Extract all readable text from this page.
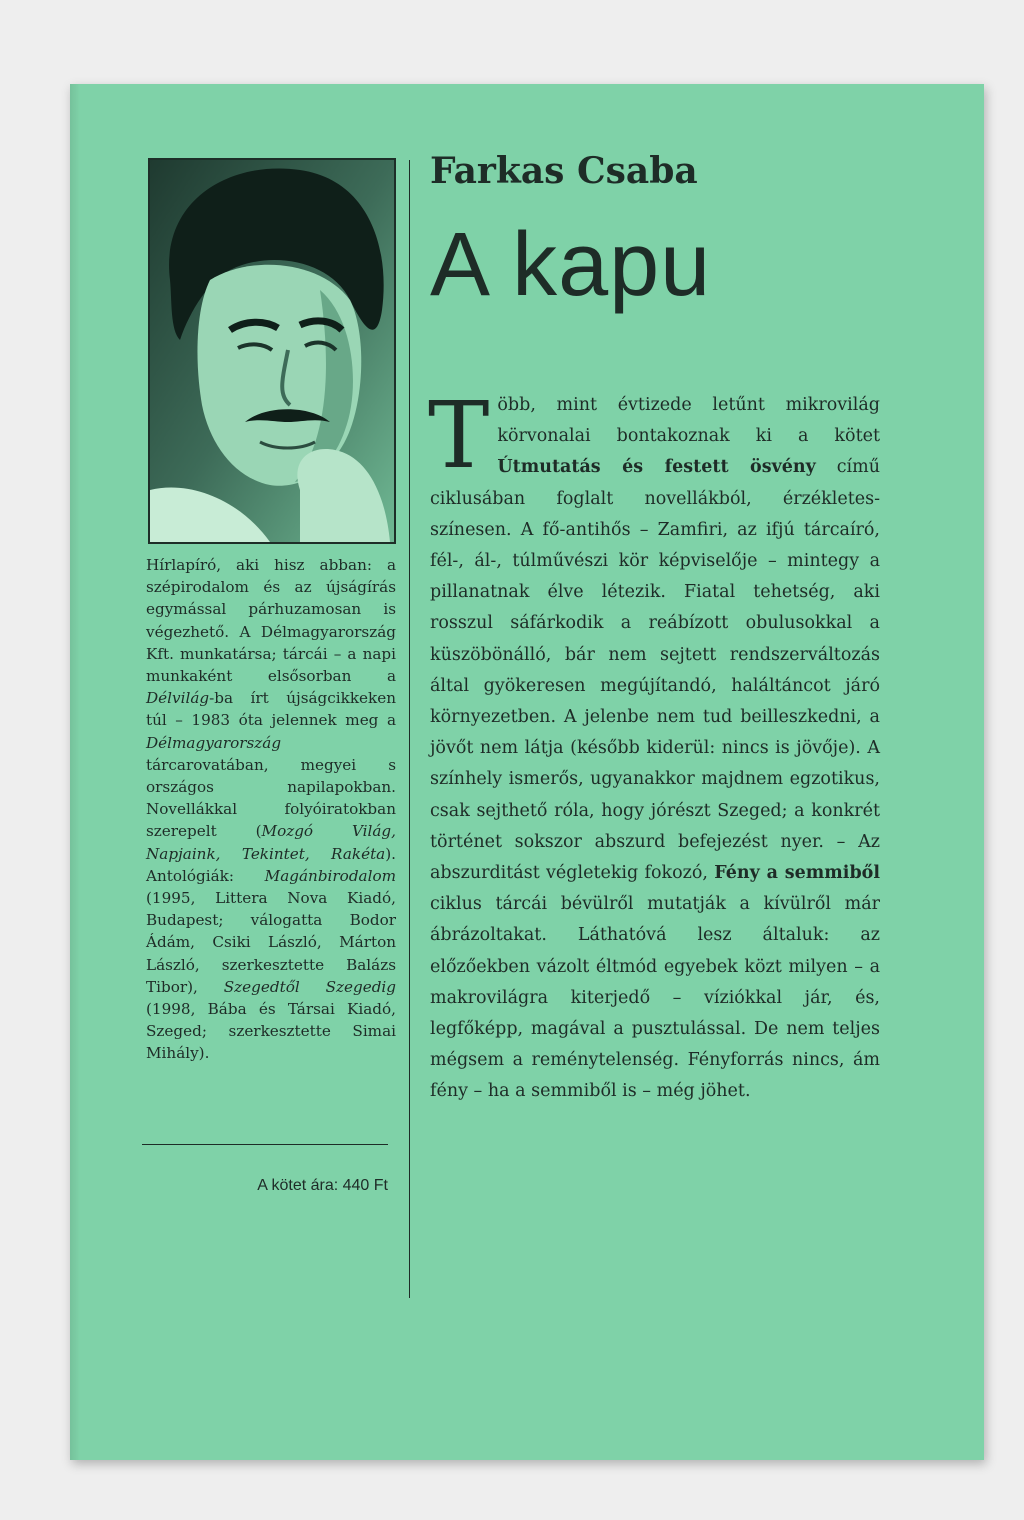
Hírlapíró, aki hisz abban: a szépirodalom és az újságírás egymással párhuzamosan is végezhető. A Délmagyarország Kft. munkatársa; tárcái – a napi munkaként elsősorban a Délvilág-ba írt újságcikkeken túl – 1983 óta jelennek meg a Délmagyarország tárcarovatában, megyei s országos napilapokban. Novellákkal folyóiratokban szerepelt (Mozgó Világ, Napjaink, Tekintet, Rakéta). Antológiák: Magánbirodalom (1995, Littera Nova Kiadó, Budapest; válogatta Bodor Ádám, Csiki László, Márton László, szerkesztette Balázs Tibor), Szegedtől Szegedig (1998, Bába és Társai Kiadó, Szeged; szerkesztette Simai Mihály).
A kötet ára: 440 Ft
Farkas Csaba
A kapu
T öbb, mint évtizede letűnt mikrovilág körvonalai bontakoznak ki a kötet Útmutatás és festett ösvény című ciklusában foglalt novellákból, érzékletes-színesen. A fő-antihős – Zamfiri, az ifjú tárcaíró, fél-, ál-, túlművészi kör képviselője – mintegy a pillanatnak élve létezik. Fiatal tehetség, aki rosszul sáfárkodik a reábízott obulusokkal a küszöbönálló, bár nem sejtett rendszerváltozás által gyökeresen megújítandó, haláltáncot járó környezetben. A jelenbe nem tud beilleszkedni, a jövőt nem látja (később kiderül: nincs is jövője). A színhely ismerős, ugyanakkor majdnem egzotikus, csak sejthető róla, hogy jórészt Szeged; a konkrét történet sokszor abszurd befejezést nyer. – Az abszurditást végletekig fokozó, Fény a semmiből ciklus tárcái bévülről mutatják a kívülről már ábrázoltakat. Láthatóvá lesz általuk: az előzőekben vázolt éltmód egyebek közt milyen – a makrovilágra kiterjedő – víziókkal jár, és, legfőképp, magával a pusztulással. De nem teljes mégsem a reménytelenség. Fényforrás nincs, ám fény – ha a semmiből is – még jöhet.
